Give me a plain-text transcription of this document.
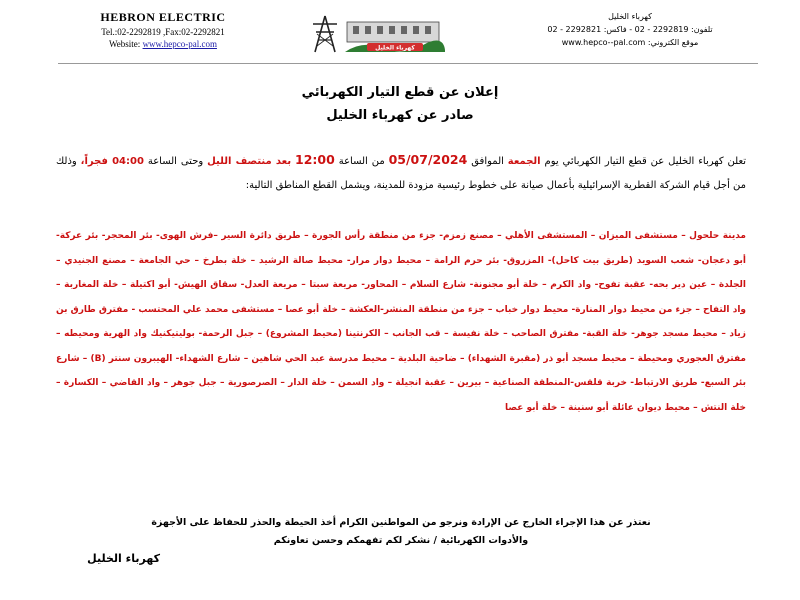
HEBRON ELECTRIC
Tel.:02-2292819 ,Fax:02-2292821
Website: www.hepco-pal.com	كهرباء الخليل
كهرباء الخليل
تلفون: 2292819 - 02 - فاكس: 2292821 - 02
موقع الكتروني: www.hepco--pal.com
إعلان عن قطع التيار الكهربائي
صادر عن كهرباء الخليل
تعلن كهرباء الخليل عن قطع التيار الكهربائي يوم الجمعة الموافق 05/07/2024 من الساعة 12:00 بعد منتصف الليل وحتى الساعة 04:00 فجراً، وذلك من أجل قيام الشركة القطرية الإسرائيلية بأعمال صيانة على خطوط رئيسية مزودة للمدينة، ويشمل القطع المناطق التالية:
مدينة حلحول – مستشفى الميزان – المستشفى الأهلي – مصنع زمزم- جزء من منطقة رأس الجورة – طريق دائرة السير –فرش الهوى- بئر المحجر- بئر عركة- أبو دعجان- شعب السويد (طريق بيت كاحل)- المزروق- بئر حرم الرامة – محيط دوار مرار- محيط صالة الرشيد – خلة بطرخ – حي الجامعة – مصنع الجنيدي – الجلدة – عين دير بحه- عقبة تفوح- واد الكرم – خلة أبو مجنونة- شارع السلام – المحاور- مريعة سبتا – مريعة العدل- سقاق الهيش- أبو اكتيلة – خلة المغاربة – واد التفاح – جزء من محيط دوار المنارة- محيط دوار خباب – جزء من منطقة المنشر-العكشة – خلة أبو عصا – مستشفى محمد علي المحتسب - مفترق طارق بن زياد – محيط مسجد جوهر- خلة القبة- مفترق الصاحب – خلة نفيسة – قب الجانب – الكرنتينا (محيط المشروع) – جبل الرحمة- بوليتيكنيك واد الهرية ومحيطه – مفترق العجوري ومحيطة – محيط مسجد أبو ذر (مقبرة الشهداء) – ضاحية البلدية – محيط مدرسة عبد الحي شاهين – شارع الشهداء- الهيبرون سنتر (B) – شارع بئر السبع- طريق الارتباط- خربة قلقس-المنطقة الصناعية – بيرين – عقبة انجيلة – واد السمن – خلة الدار – الصرصورية – جبل جوهر – واد القاضي – الكسارة – خلة النتش – محيط ديوان عائلة أبو سنينة – خلة أبو عصا
نعتذر عن هذا الإجراء الخارج عن الإرادة ونرجو من المواطنين الكرام أخذ الحيطة والحذر للحفاظ على الأجهزة
والأدوات الكهربائية / نشكر لكم تفهمكم وحسن تعاونكم
كهرباء الخليل
